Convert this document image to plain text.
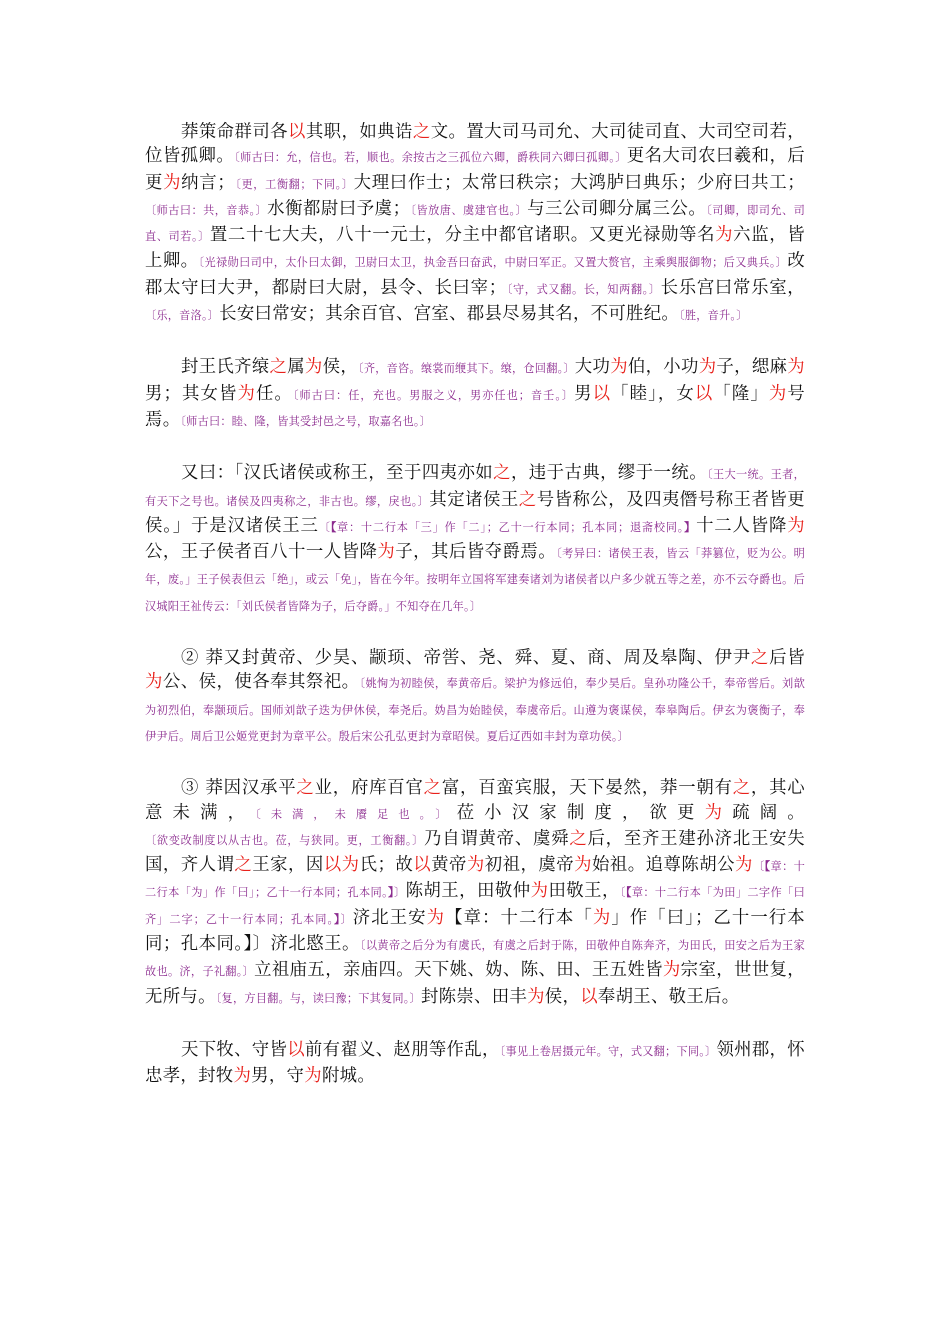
莽策命群司各以其职，如典诰之文。置大司马司允、大司徒司直、大司空司若，位皆孤卿。〔师古曰：允，信也。若，顺也。余按古之三孤位六卿，爵秩同六卿曰孤卿。〕更名大司农曰羲和，后更为纳言；〔更，工衡翻；下同。〕大理曰作士；太常曰秩宗；大鸿胪曰典乐；少府曰共工；〔师古曰：共，音恭。〕水衡都尉曰予虞；〔皆放唐、虞建官也。〕与三公司卿分属三公。〔司卿，即司允、司直、司若。〕置二十七大夫，八十一元士，分主中都官诸职。又更光禄勋等名为六监，皆上卿。〔光禄勋曰司中，太仆曰太御，卫尉曰太卫，执金吾曰奋武，中尉曰军正。又置大赘官，主乘舆服御物；后又典兵。〕改郡太守曰大尹，都尉曰大尉，县令、长曰宰；〔守，式又翻。长，知两翻。〕长乐宫曰常乐室，〔乐，音洛。〕长安曰常安；其余百官、宫室、郡县尽易其名，不可胜纪。〔胜，音升。〕

封王氏齐缞之属为侯，〔齐，音咨。缞裳而缏其下。缞，仓回翻。〕大功为伯，小功为子，缌麻为男；其女皆为任。〔师古曰：任，充也。男服之义，男亦任也；音壬。〕男以「睦」，女以「隆」为号焉。〔师古曰：睦、隆，皆其受封邑之号，取嘉名也。〕

又曰：「汉氏诸侯或称王，至于四夷亦如之，违于古典，缪于一统。〔王大一统。王者，有天下之号也。诸侯及四夷称之，非古也。缪，戾也。〕其定诸侯王之号皆称公，及四夷僭号称王者皆更侯。」于是汉诸侯王三〔【章：十二行本「三」作「二」；乙十一行本同；孔本同；退斋校同。】十二人皆降为公，王子侯者百八十一人皆降为子，其后皆夺爵焉。〔考异曰：诸侯王表，皆云「莽篡位，贬为公。明年，废。」王子侯表但云「绝」，或云「免」，皆在今年。按明年立国将军建奏诸刘为诸侯者以户多少就五等之差，亦不云夺爵也。后汉城阳王祉传云：「刘氏侯者皆降为子，后夺爵。」不知夺在几年。〕

② 莽又封黄帝、少昊、颛顼、帝喾、尧、舜、夏、商、周及皋陶、伊尹之后皆为公、侯，使各奉其祭祀。〔姚恂为初睦侯，奉黄帝后。梁护为修远伯，奉少昊后。皇孙功隆公千，奉帝喾后。刘歆为初烈伯，奉颛顼后。国师刘歆子迭为伊休侯，奉尧后。妫昌为始睦侯，奉虞帝后。山遵为褒谋侯，奉皋陶后。伊玄为褒衡子，奉伊尹后。周后卫公姬党更封为章平公。殷后宋公孔弘更封为章昭侯。夏后辽西如丰封为章功侯。〕

③ 莽因汉承平之业，府库百官之富，百蛮宾服，天下晏然，莽一朝有之，其心意未满，〔未满，未餍足也。〕莅小汉家制度，欲更为疏阔。〔欲变改制度以从古也。莅，与狭同。更，工衡翻。〕乃自谓黄帝、虞舜之后，至齐王建孙济北王安失国，齐人谓之王家，因以为氏；故以黄帝为初祖，虞帝为始祖。追尊陈胡公为〔【章：十二行本「为」作「曰」；乙十一行本同；孔本同。】〕陈胡王，田敬仲为田敬王，〔【章：十二行本「为田」二字作「曰齐」二字；乙十一行本同；孔本同。】〕济北王安为【章：十二行本「为」作「曰」；乙十一行本同；孔本同。】〕济北愍王。〔以黄帝之后分为有虞氏，有虞之后封于陈，田敬仲自陈奔齐，为田氏，田安之后为王家故也。济，子礼翻。〕立祖庙五，亲庙四。天下姚、妫、陈、田、王五姓皆为宗室，世世复，无所与。〔复，方目翻。与，读曰豫；下其复同。〕封陈崇、田丰为侯，以奉胡王、敬王后。

天下牧、守皆以前有翟义、赵朋等作乱，〔事见上卷居摄元年。守，式又翻；下同。〕领州郡，怀忠孝，封牧为男，守为附城。
